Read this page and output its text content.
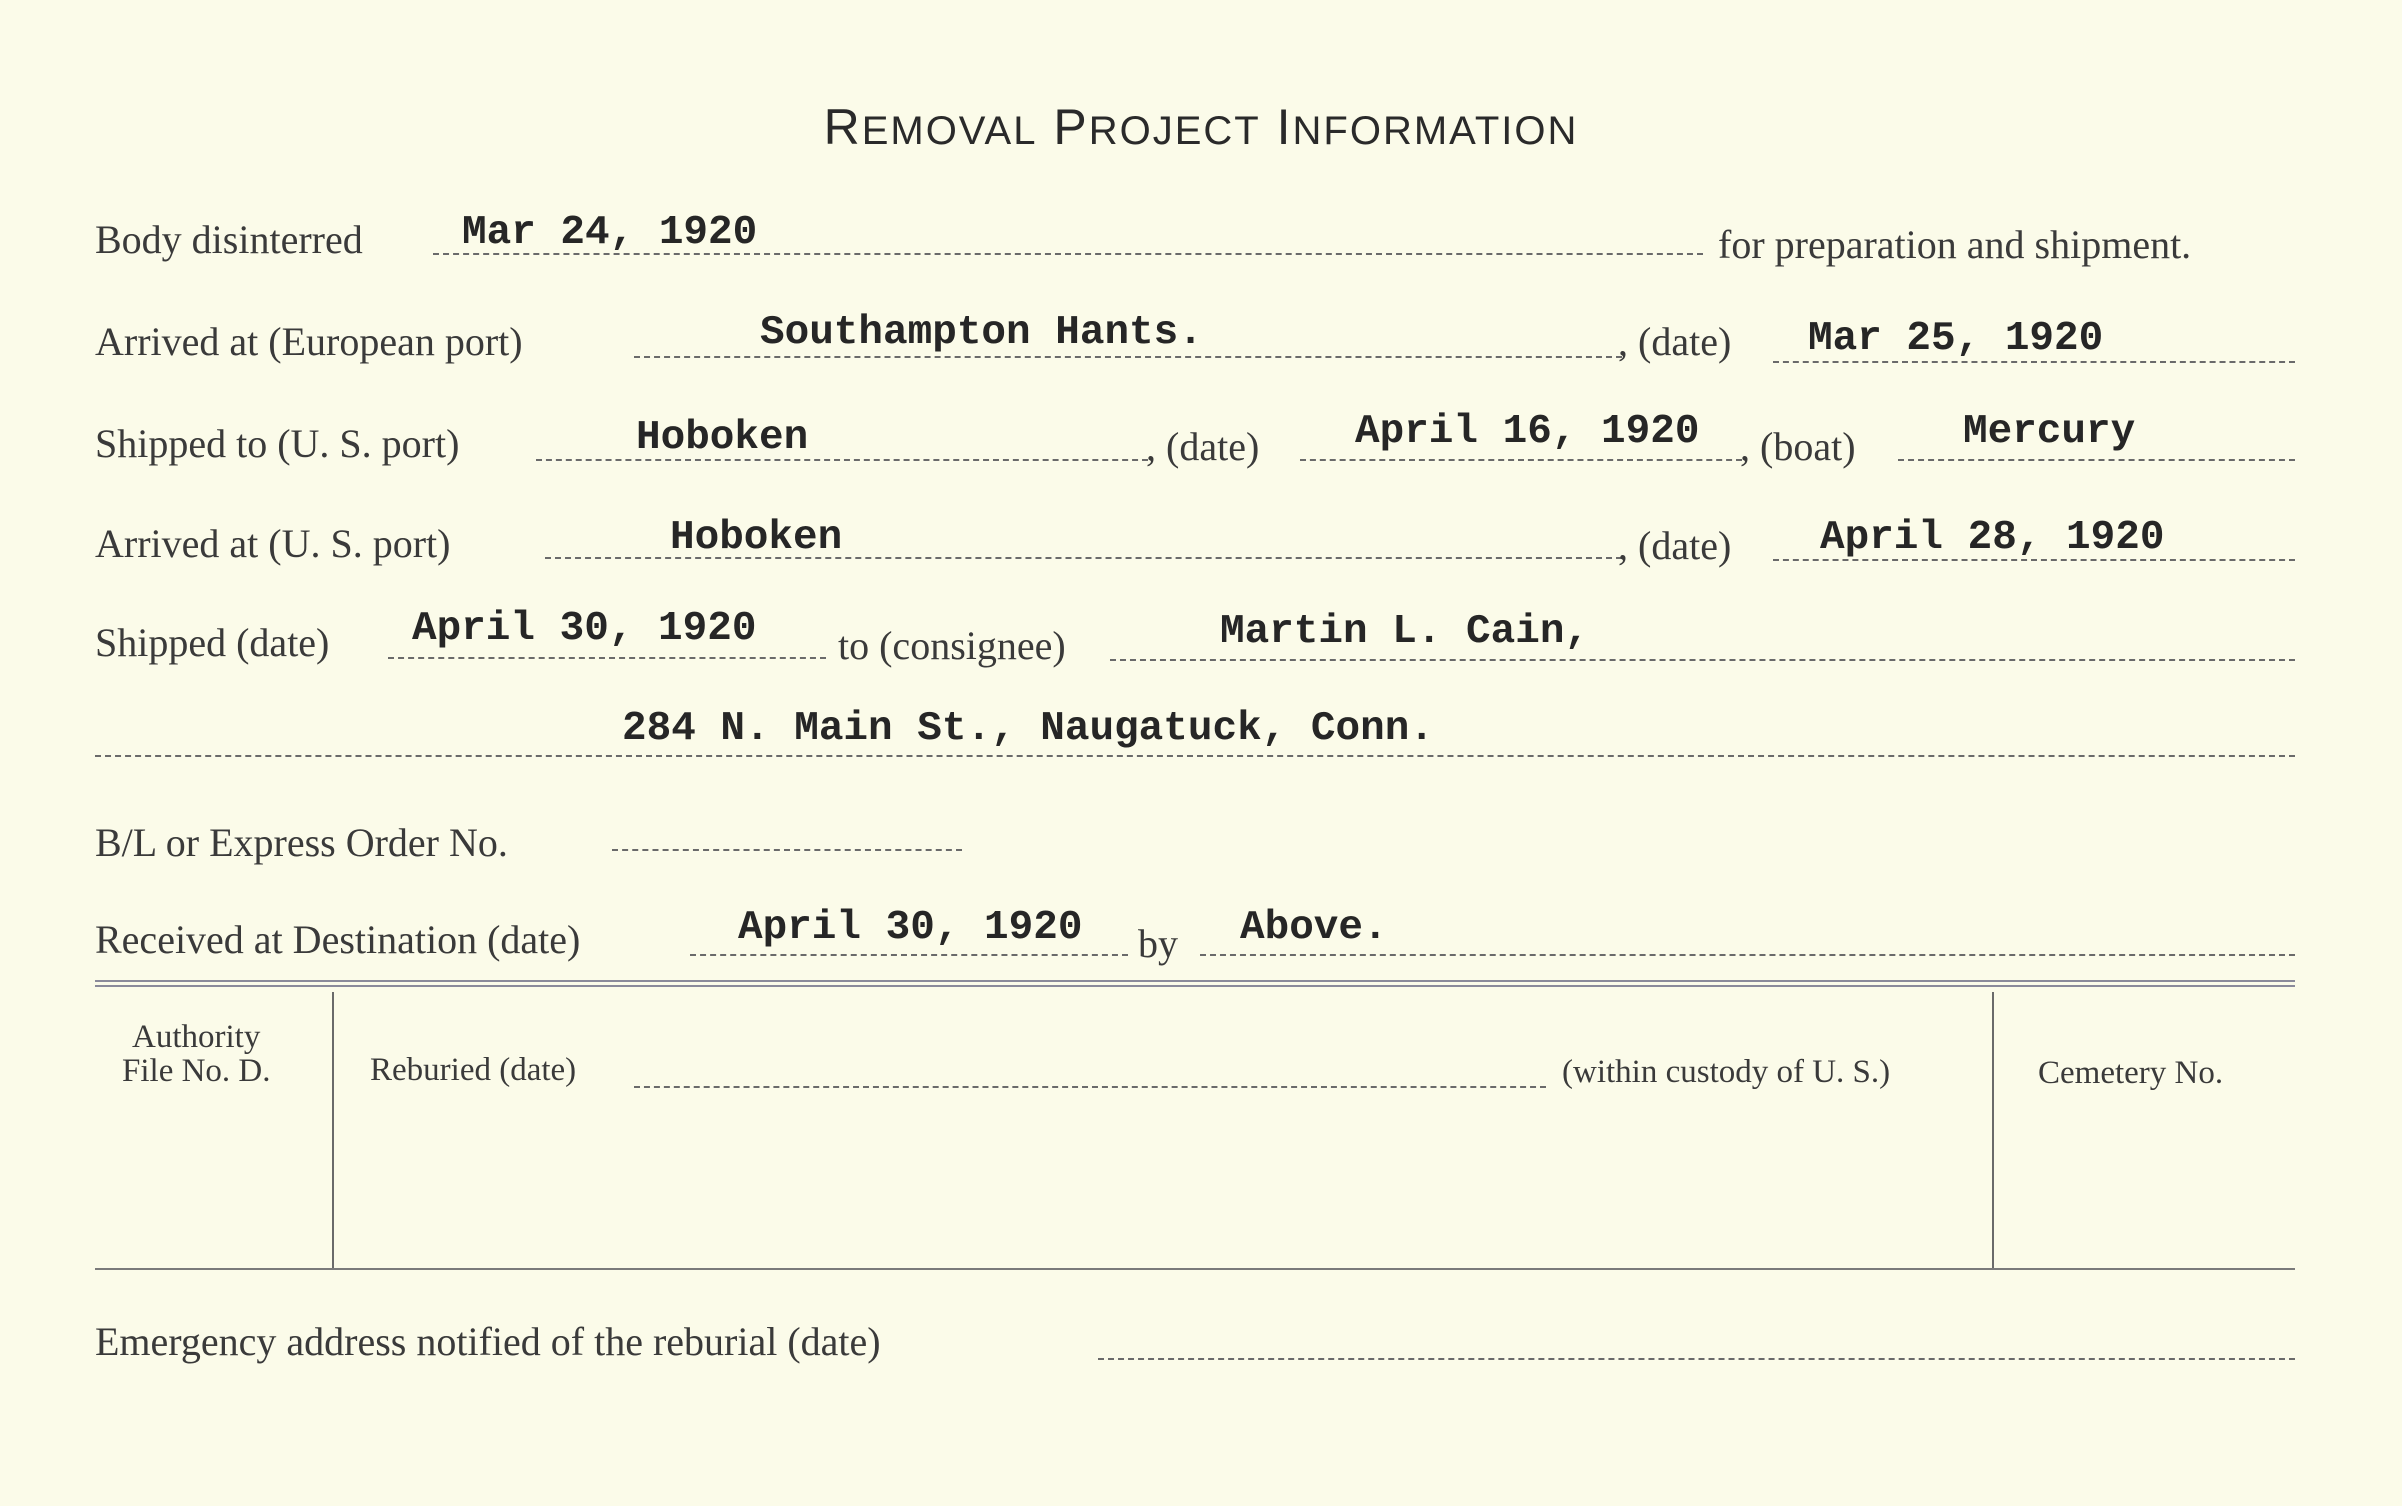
REMOVAL PROJECT INFORMATION
Body disinterred Mar 24, 1920	for preparation and shipment.
Arrived at (European port)	Southampton Hants.	, (date) Mar 25, 1920
Shipped to (U. S. port)	Hoboken	, (date) April 16, 1920 , (boat)	Mercury
Arrived at (U. S. port)	Hoboken	, (date) April 28, 1920
Shipped (date) April 30, 1920 to (consignee)	Martin L. Cain,
284 N. Main St., Naugatuck, Conn.
B/L or Express Order No.
Received at Destination (date)	April 30, 1920 by Above.
Authority
File No. D.	Reburied (date)	(within custody of U. S.)	Cemetery No.
Emergency address notified of the reburial (date)
